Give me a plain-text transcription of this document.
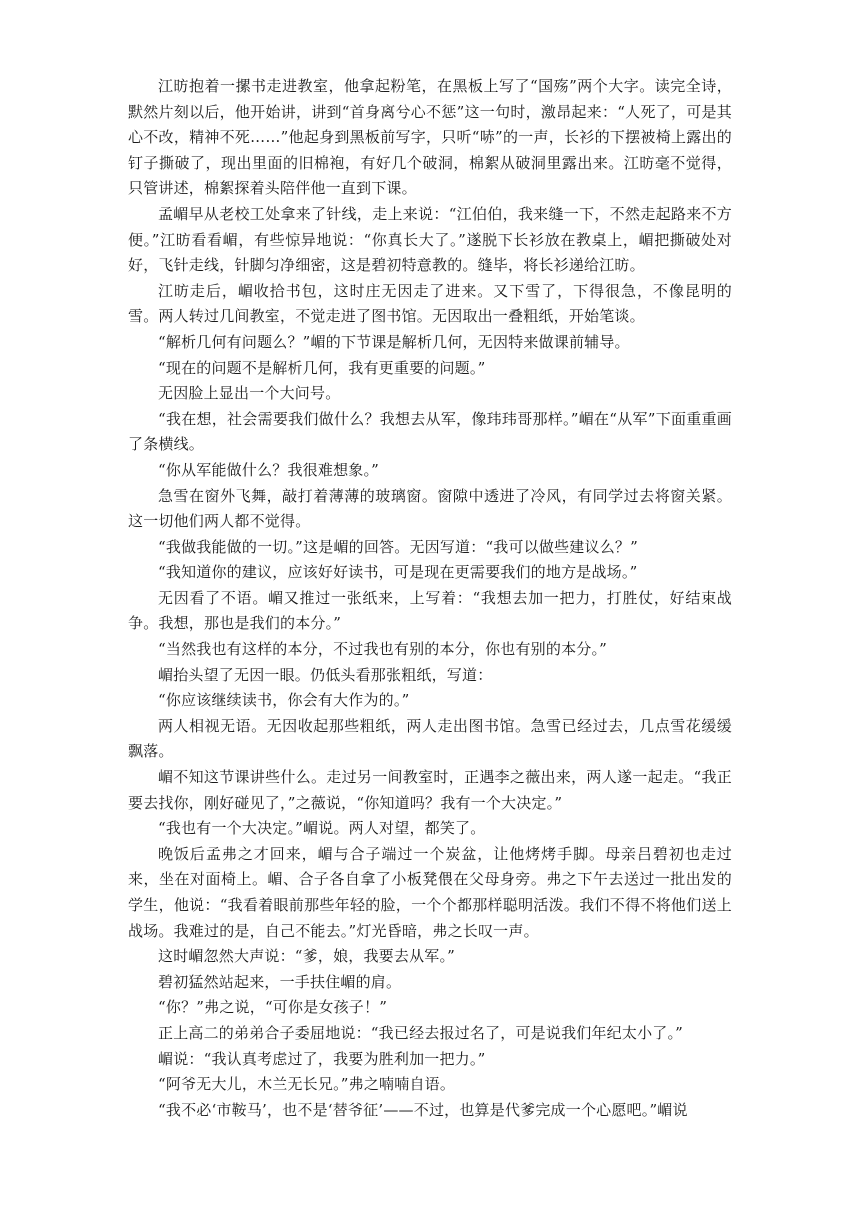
江昉抱着一摞书走进教室，他拿起粉笔，在黑板上写了“国殇”两个大字。读完全诗，默然片刻以后，他开始讲，讲到“首身离兮心不惩”这一句时，激昂起来：“人死了，可是其心不改，精神不死……”他起身到黑板前写字，只听“哧”的一声，长衫的下摆被椅上露出的钉子撕破了，现出里面的旧棉袍，有好几个破洞，棉絮从破洞里露出来。江昉毫不觉得，只管讲述，棉絮探着头陪伴他一直到下课。

孟嵋早从老校工处拿来了针线，走上来说：“江伯伯，我来缝一下，不然走起路来不方便。”江昉看看嵋，有些惊异地说：“你真长大了。”遂脱下长衫放在教桌上，嵋把撕破处对好，飞针走线，针脚匀净细密，这是碧初特意教的。缝毕，将长衫递给江昉。

江昉走后，嵋收拾书包，这时庄无因走了进来。又下雪了，下得很急，不像昆明的雪。两人转过几间教室，不觉走进了图书馆。无因取出一叠粗纸，开始笔谈。

“解析几何有问题么？”嵋的下节课是解析几何，无因特来做课前辅导。

“现在的问题不是解析几何，我有更重要的问题。”

无因脸上显出一个大问号。

“我在想，社会需要我们做什么？我想去从军，像玮玮哥那样。”嵋在“从军”下面重重画了条横线。

“你从军能做什么？我很难想象。”

急雪在窗外飞舞，敲打着薄薄的玻璃窗。窗隙中透进了冷风，有同学过去将窗关紧。这一切他们两人都不觉得。

“我做我能做的一切。”这是嵋的回答。无因写道：“我可以做些建议么？”

“我知道你的建议，应该好好读书，可是现在更需要我们的地方是战场。”

无因看了不语。嵋又推过一张纸来，上写着：“我想去加一把力，打胜仗，好结束战争。我想，那也是我们的本分。”

“当然我也有这样的本分，不过我也有别的本分，你也有别的本分。”

嵋抬头望了无因一眼。仍低头看那张粗纸，写道：

“你应该继续读书，你会有大作为的。”

两人相视无语。无因收起那些粗纸，两人走出图书馆。急雪已经过去，几点雪花缓缓飘落。

嵋不知这节课讲些什么。走过另一间教室时，正遇李之薇出来，两人遂一起走。“我正要去找你，刚好碰见了，”之薇说，“你知道吗？我有一个大决定。”

“我也有一个大决定。”嵋说。两人对望，都笑了。

晚饭后孟弗之才回来，嵋与合子端过一个炭盆，让他烤烤手脚。母亲吕碧初也走过来，坐在对面椅上。嵋、合子各自拿了小板凳偎在父母身旁。弗之下午去送过一批出发的学生，他说：“我看着眼前那些年轻的脸，一个个都那样聪明活泼。我们不得不将他们送上战场。我难过的是，自己不能去。”灯光昏暗，弗之长叹一声。

这时嵋忽然大声说：“爹，娘，我要去从军。”

碧初猛然站起来，一手扶住嵋的肩。

“你？”弗之说，“可你是女孩子！”

正上高二的弟弟合子委屈地说：“我已经去报过名了，可是说我们年纪太小了。”

嵋说：“我认真考虑过了，我要为胜利加一把力。”

“阿爷无大儿，木兰无长兄。”弗之喃喃自语。

“我不必‘市鞍马’，也不是‘替爷征’——不过，也算是代爹完成一个心愿吧。”嵋说
